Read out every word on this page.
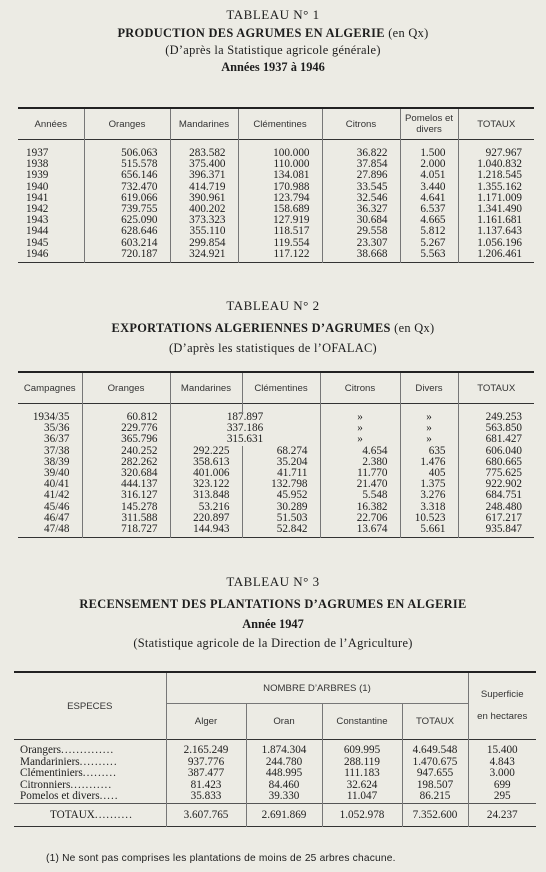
TABLEAU N° 1
PRODUCTION DES AGRUMES EN ALGERIE (en Qx)
(D’après la Statistique agricole générale)
Années 1937 à 1946
Années	Oranges	Mandarines	Clémentines	Citrons	Pomelos et divers	TOTAUX

1937	506.063	283.582	100.000	36.822	1.500	927.967
1938	515.578	375.400	110.000	37.854	2.000	1.040.832
1939	656.146	396.371	134.081	27.896	4.051	1.218.545
1940	732.470	414.719	170.988	33.545	3.440	1.355.162
1941	619.066	390.961	123.794	32.546	4.641	1.171.009
1942	739.755	400.202	158.689	36.327	6.537	1.341.490
1943	625.090	373.323	127.919	30.684	4.665	1.161.681
1944	628.646	355.110	118.517	29.558	5.812	1.137.643
1945	603.214	299.854	119.554	23.307	5.267	1.056.196
1946	720.187	324.921	117.122	38.668	5.563	1.206.461
TABLEAU N° 2
EXPORTATIONS ALGERIENNES D’AGRUMES (en Qx)
(D’après les statistiques de l’OFALAC)
Campagnes	Oranges	Mandarines	Clémentines	Citrons	Divers	TOTAUX

1934/35	60.812	187.897		»	»	249.253
35/36	229.776	337.186		»	»	563.850
36/37	365.796	315.631		»	»	681.427
37/38	240.252	292.225	68.274	4.654	635	606.040
38/39	282.262	358.613	35.204	2.380	1.476	680.665
39/40	320.684	401.006	41.711	11.770	405	775.625
40/41	444.137	323.122	132.798	21.470	1.375	922.902
41/42	316.127	313.848	45.952	5.548	3.276	684.751
45/46	145.278	53.216	30.289	16.382	3.318	248.480
46/47	311.588	220.897	51.503	22.706	10.523	617.217
47/48	718.727	144.943	52.842	13.674	5.661	935.847
TABLEAU N° 3
RECENSEMENT DES PLANTATIONS D’AGRUMES EN ALGERIE
Année 1947
(Statistique agricole de la Direction de l’Agriculture)
ESPECES	NOMBRE D’ARBRES (1)				Superficie
en hectares

	Alger	Oran	Constantine	TOTAUX	

Orangers..............	2.165.249	1.874.304	609.995	4.649.548	15.400
Mandariniers..........	937.776	244.780	288.119	1.470.675	4.843
Clémentiniers.........	387.477	448.995	111.183	947.655	3.000
Citronniers...........	81.423	84.460	32.624	198.507	699
Pomelos et divers.....	35.833	39.330	11.047	86.215	295
TOTAUX..........	3.607.765	2.691.869	1.052.978	7.352.600	24.237
(1) Ne sont pas comprises les plantations de moins de 25 arbres chacune.
